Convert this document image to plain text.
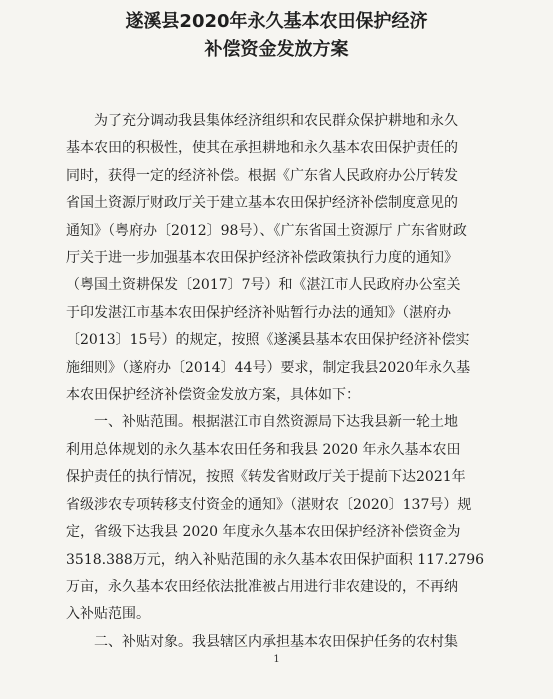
遂溪县2020年永久基本农田保护经济
补偿资金发放方案
为了充分调动我县集体经济组织和农民群众保护耕地和永久
基本农田的积极性，使其在承担耕地和永久基本农田保护责任的
同时，获得一定的经济补偿。根据《广东省人民政府办公厅转发
省国土资源厅财政厅关于建立基本农田保护经济补偿制度意见的
通知》（粤府办〔2012〕98号）、《广东省国土资源厅 广东省财政
厅关于进一步加强基本农田保护经济补偿政策执行力度的通知》
（粤国土资耕保发〔2017〕7号）和《湛江市人民政府办公室关
于印发湛江市基本农田保护经济补贴暂行办法的通知》（湛府办
〔2013〕15号）的规定，按照《遂溪县基本农田保护经济补偿实
施细则》（遂府办〔2014〕44号）要求，制定我县2020年永久基
本农田保护经济补偿资金发放方案，具体如下：
一、补贴范围。根据湛江市自然资源局下达我县新一轮土地
利用总体规划的永久基本农田任务和我县 2020 年永久基本农田
保护责任的执行情况，按照《转发省财政厅关于提前下达2021年
省级涉农专项转移支付资金的通知》（湛财农〔2020〕137号）规
定，省级下达我县 2020 年度永久基本农田保护经济补偿资金为
3518.388万元，纳入补贴范围的永久基本农田保护面积 117.2796
万亩，永久基本农田经依法批准被占用进行非农建设的，不再纳
入补贴范围。
二、补贴对象。我县辖区内承担基本农田保护任务的农村集
1
